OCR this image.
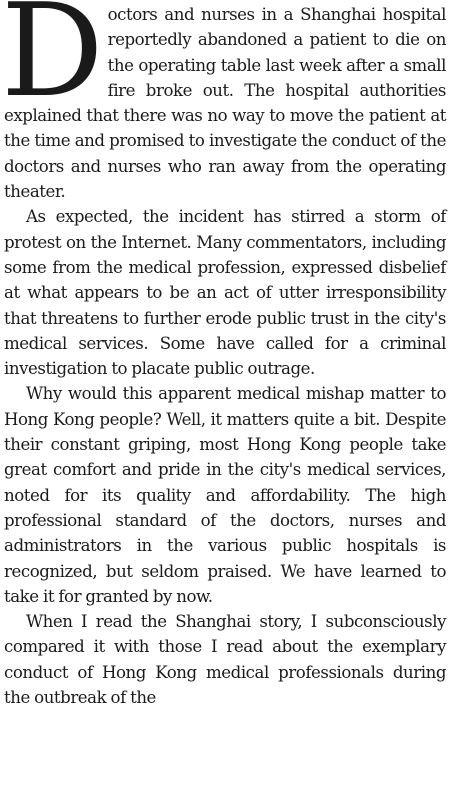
Doctors and nurses in a Shanghai hospital reportedly abandoned a patient to die on the operating table last week after a small fire broke out. The hospital authorities explained that there was no way to move the patient at the time and promised to investigate the conduct of the doctors and nurses who ran away from the operating theater.

As expected, the incident has stirred a storm of protest on the Internet. Many commentators, including some from the medical profession, expressed disbelief at what appears to be an act of utter irresponsibility that threatens to further erode public trust in the city's medical services. Some have called for a criminal investigation to placate public outrage.

Why would this apparent medical mishap matter to Hong Kong people? Well, it matters quite a bit. Despite their constant griping, most Hong Kong people take great comfort and pride in the city's medical services, noted for its quality and affordability. The high professional standard of the doctors, nurses and administrators in the various public hospitals is recognized, but seldom praised. We have learned to take it for granted by now.

When I read the Shanghai story, I subconsciously compared it with those I read about the exemplary conduct of Hong Kong medical professionals during the outbreak of the
